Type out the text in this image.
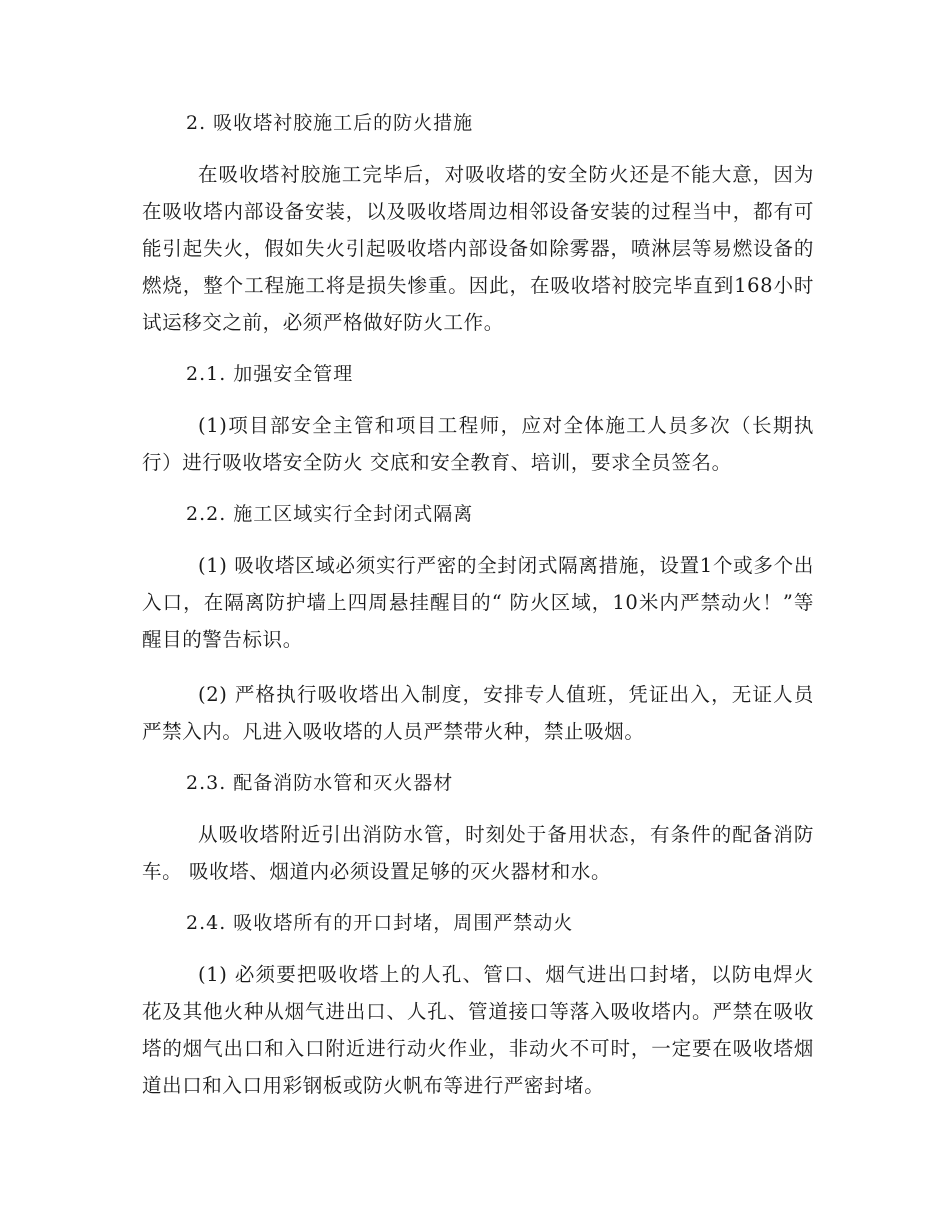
2. 吸收塔衬胶施工后的防火措施

在吸收塔衬胶施工完毕后，对吸收塔的安全防火还是不能大意，因为在吸收塔内部设备安装，以及吸收塔周边相邻设备安装的过程当中，都有可能引起失火，假如失火引起吸收塔内部设备如除雾器，喷淋层等易燃设备的燃烧，整个工程施工将是损失惨重。因此，在吸收塔衬胶完毕直到168小时试运移交之前，必须严格做好防火工作。

2.1. 加强安全管理

(1)项目部安全主管和项目工程师，应对全体施工人员多次（长期执行）进行吸收塔安全防火 交底和安全教育、培训，要求全员签名。

2.2. 施工区域实行全封闭式隔离

(1) 吸收塔区域必须实行严密的全封闭式隔离措施，设置1个或多个出入口，在隔离防护墙上四周悬挂醒目的“ 防火区域，10米内严禁动火！”等醒目的警告标识。

(2) 严格执行吸收塔出入制度，安排专人值班，凭证出入，无证人员严禁入内。凡进入吸收塔的人员严禁带火种，禁止吸烟。

2.3. 配备消防水管和灭火器材

从吸收塔附近引出消防水管，时刻处于备用状态，有条件的配备消防车。 吸收塔、烟道内必须设置足够的灭火器材和水。

2.4. 吸收塔所有的开口封堵，周围严禁动火

(1) 必须要把吸收塔上的人孔、管口、烟气进出口封堵，以防电焊火花及其他火种从烟气进出口、人孔、管道接口等落入吸收塔内。严禁在吸收塔的烟气出口和入口附近进行动火作业，非动火不可时，一定要在吸收塔烟道出口和入口用彩钢板或防火帆布等进行严密封堵。
